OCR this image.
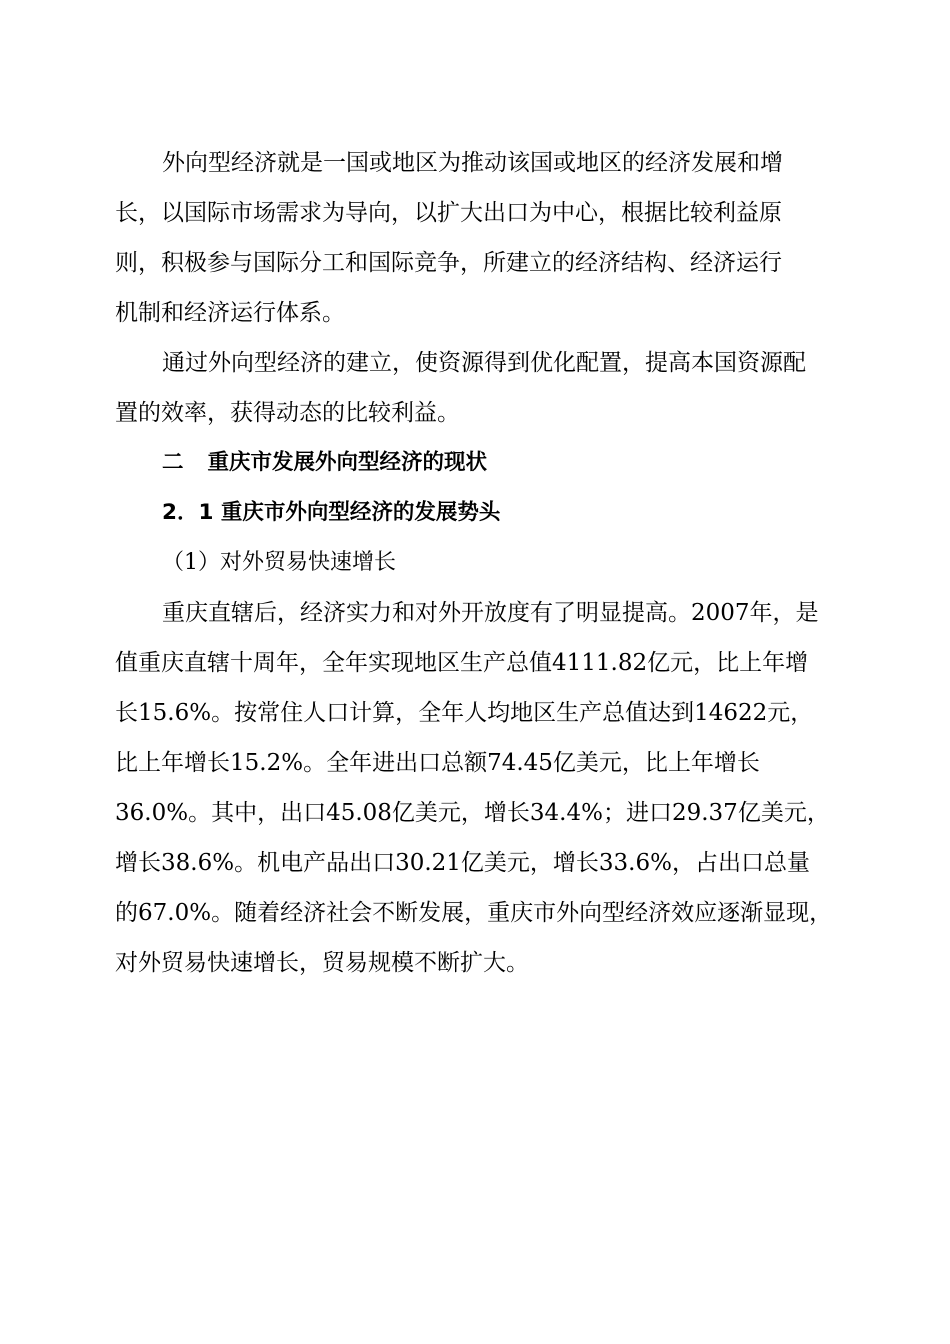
外向型经济就是一国或地区为推动该国或地区的经济发展和增

长，以国际市场需求为导向，以扩大出口为中心，根据比较利益原

则，积极参与国际分工和国际竞争，所建立的经济结构、经济运行

机制和经济运行体系。

通过外向型经济的建立，使资源得到优化配置，提高本国资源配

置的效率，获得动态的比较利益。

二 重庆市发展外向型经济的现状
2．1 重庆市外向型经济的发展势头

（1）对外贸易快速增长

重庆直辖后，经济实力和对外开放度有了明显提高。2007年，是

值重庆直辖十周年，全年实现地区生产总值4111.82亿元，比上年增

长15.6%。按常住人口计算，全年人均地区生产总值达到14622元，

比上年增长15.2%。全年进出口总额74.45亿美元，比上年增长

36.0%。其中，出口45.08亿美元，增长34.4%；进口29.37亿美元，

增长38.6%。机电产品出口30.21亿美元，增长33.6%，占出口总量

的67.0%。随着经济社会不断发展，重庆市外向型经济效应逐渐显现，

对外贸易快速增长，贸易规模不断扩大。
